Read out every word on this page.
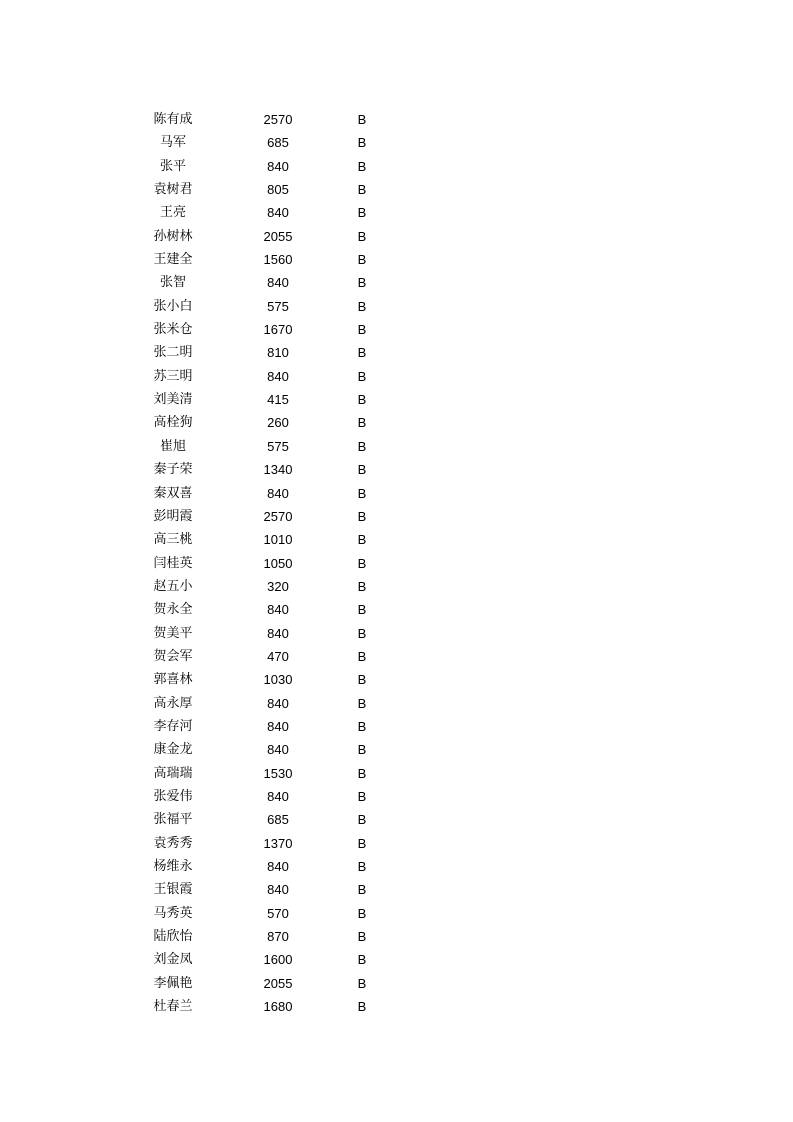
陈有成	2570	B
马军	685	B
张平	840	B
袁树君	805	B
王亮	840	B
孙树林	2055	B
王建全	1560	B
张智	840	B
张小白	575	B
张米仓	1670	B
张二明	810	B
苏三明	840	B
刘美清	415	B
高栓狗	260	B
崔旭	575	B
秦子荣	1340	B
秦双喜	840	B
彭明霞	2570	B
高三桃	1010	B
闫桂英	1050	B
赵五小	320	B
贺永全	840	B
贺美平	840	B
贺会军	470	B
郭喜林	1030	B
高永厚	840	B
李存河	840	B
康金龙	840	B
高瑞瑞	1530	B
张爱伟	840	B
张福平	685	B
袁秀秀	1370	B
杨维永	840	B
王银霞	840	B
马秀英	570	B
陆欣怡	870	B
刘金凤	1600	B
李佩艳	2055	B
杜春兰	1680	B
